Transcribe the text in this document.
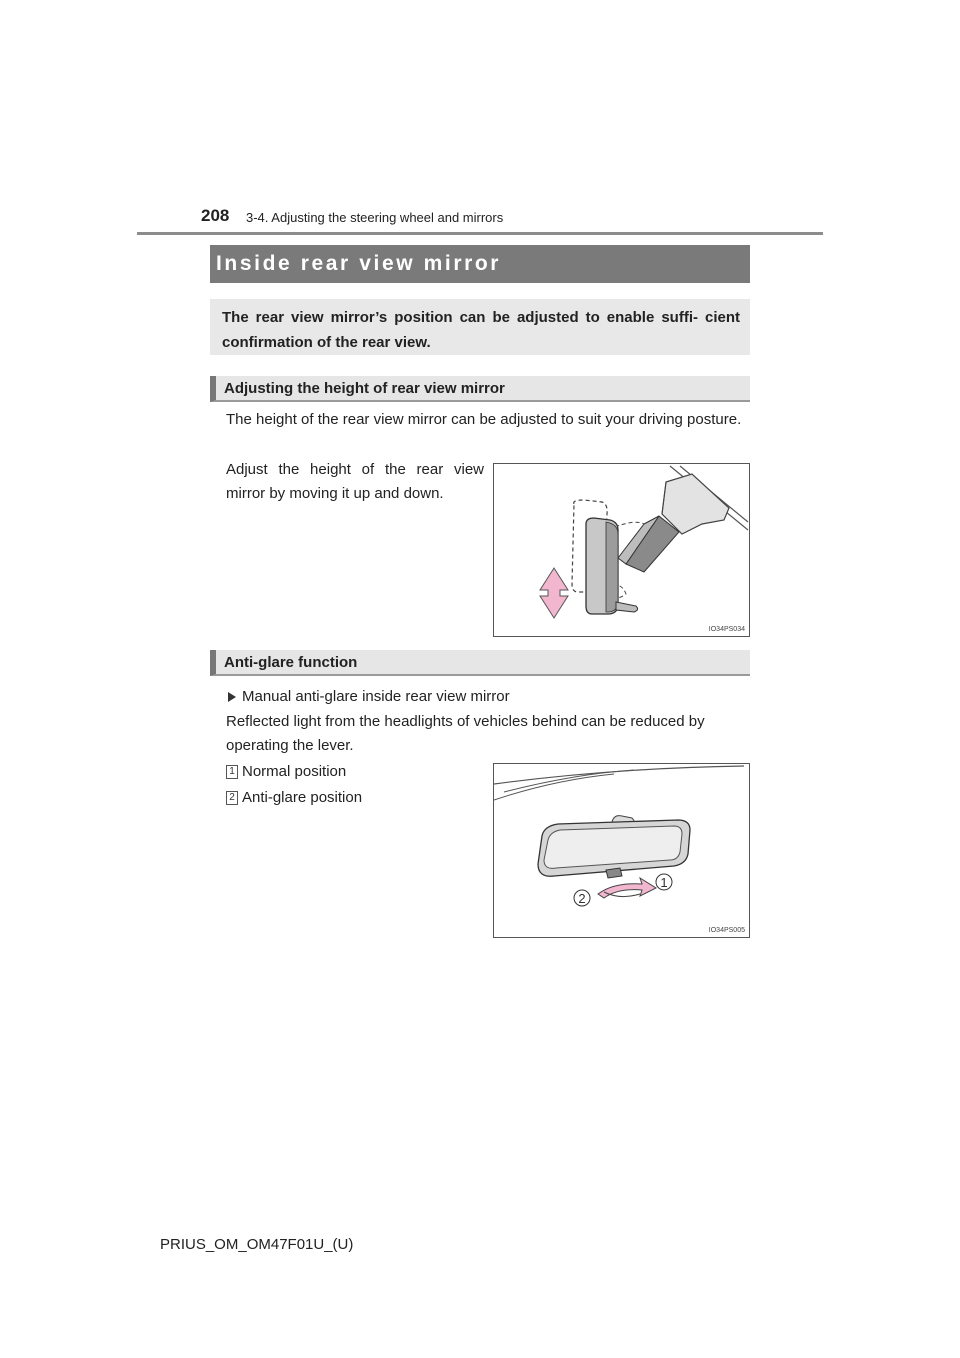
208 3-4. Adjusting the steering wheel and mirrors
Inside rear view mirror
The rear view mirror’s position can be adjusted to enable suffi- cient confirmation of the rear view.
Adjusting the height of rear view mirror
The height of the rear view mirror can be adjusted to suit your driving posture.
Adjust the height of the rear view mirror by moving it up and down.
IO34PS034
Anti-glare function
Manual anti-glare inside rear view mirror
Reflected light from the headlights of vehicles behind can be reduced by operating the lever.
1 Normal position
2 Anti-glare position
1
2
IO34PS005
PRIUS_OM_OM47F01U_(U)
